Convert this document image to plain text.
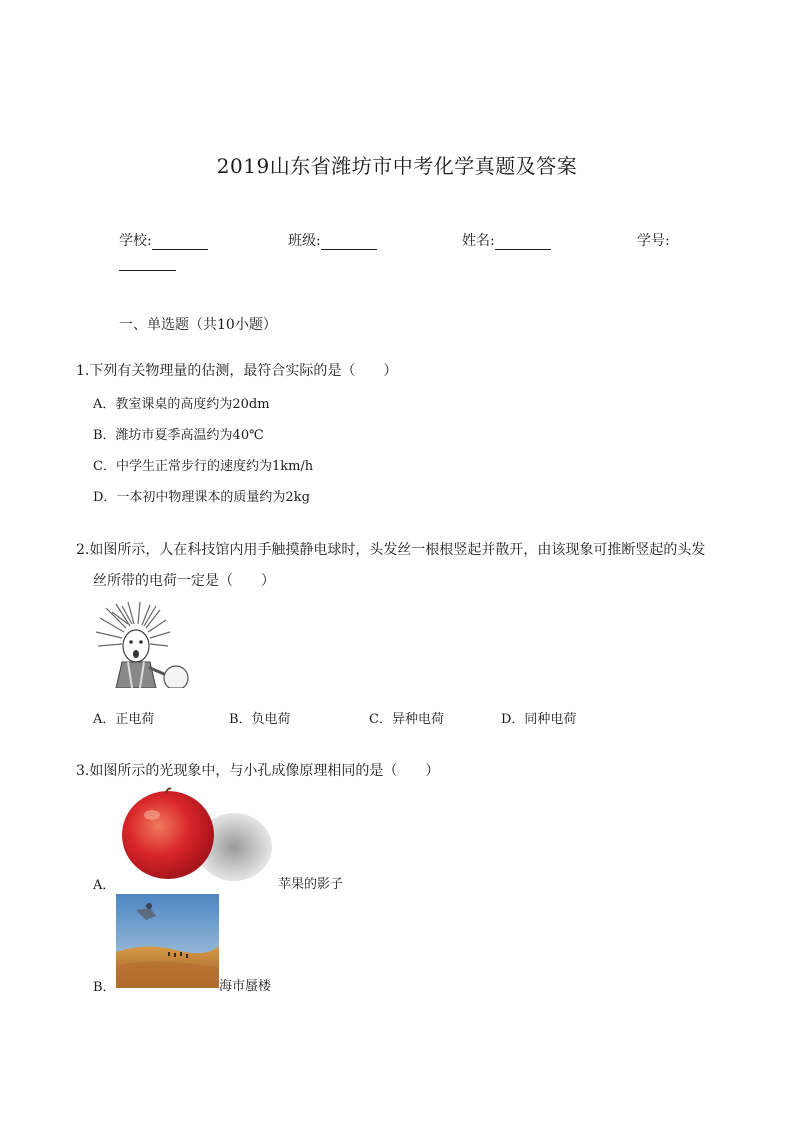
2019山东省潍坊市中考化学真题及答案
学校:	班级:	姓名:	学号:
一、单选题（共10小题）
1.下列有关物理量的估测，最符合实际的是（　　）
A．教室课桌的高度约为20dm
B．潍坊市夏季高温约为40℃
C．中学生正常步行的速度约为1km/h
D．一本初中物理课本的质量约为2kg
2.如图所示，人在科技馆内用手触摸静电球时，头发丝一根根竖起并散开，由该现象可推断竖起的头发
丝所带的电荷一定是（　　）
A．正电荷	B．负电荷	C．异种电荷	D．同种电荷
3.如图所示的光现象中，与小孔成像原理相同的是（　　）
A．	苹果的影子
B．	海市蜃楼
